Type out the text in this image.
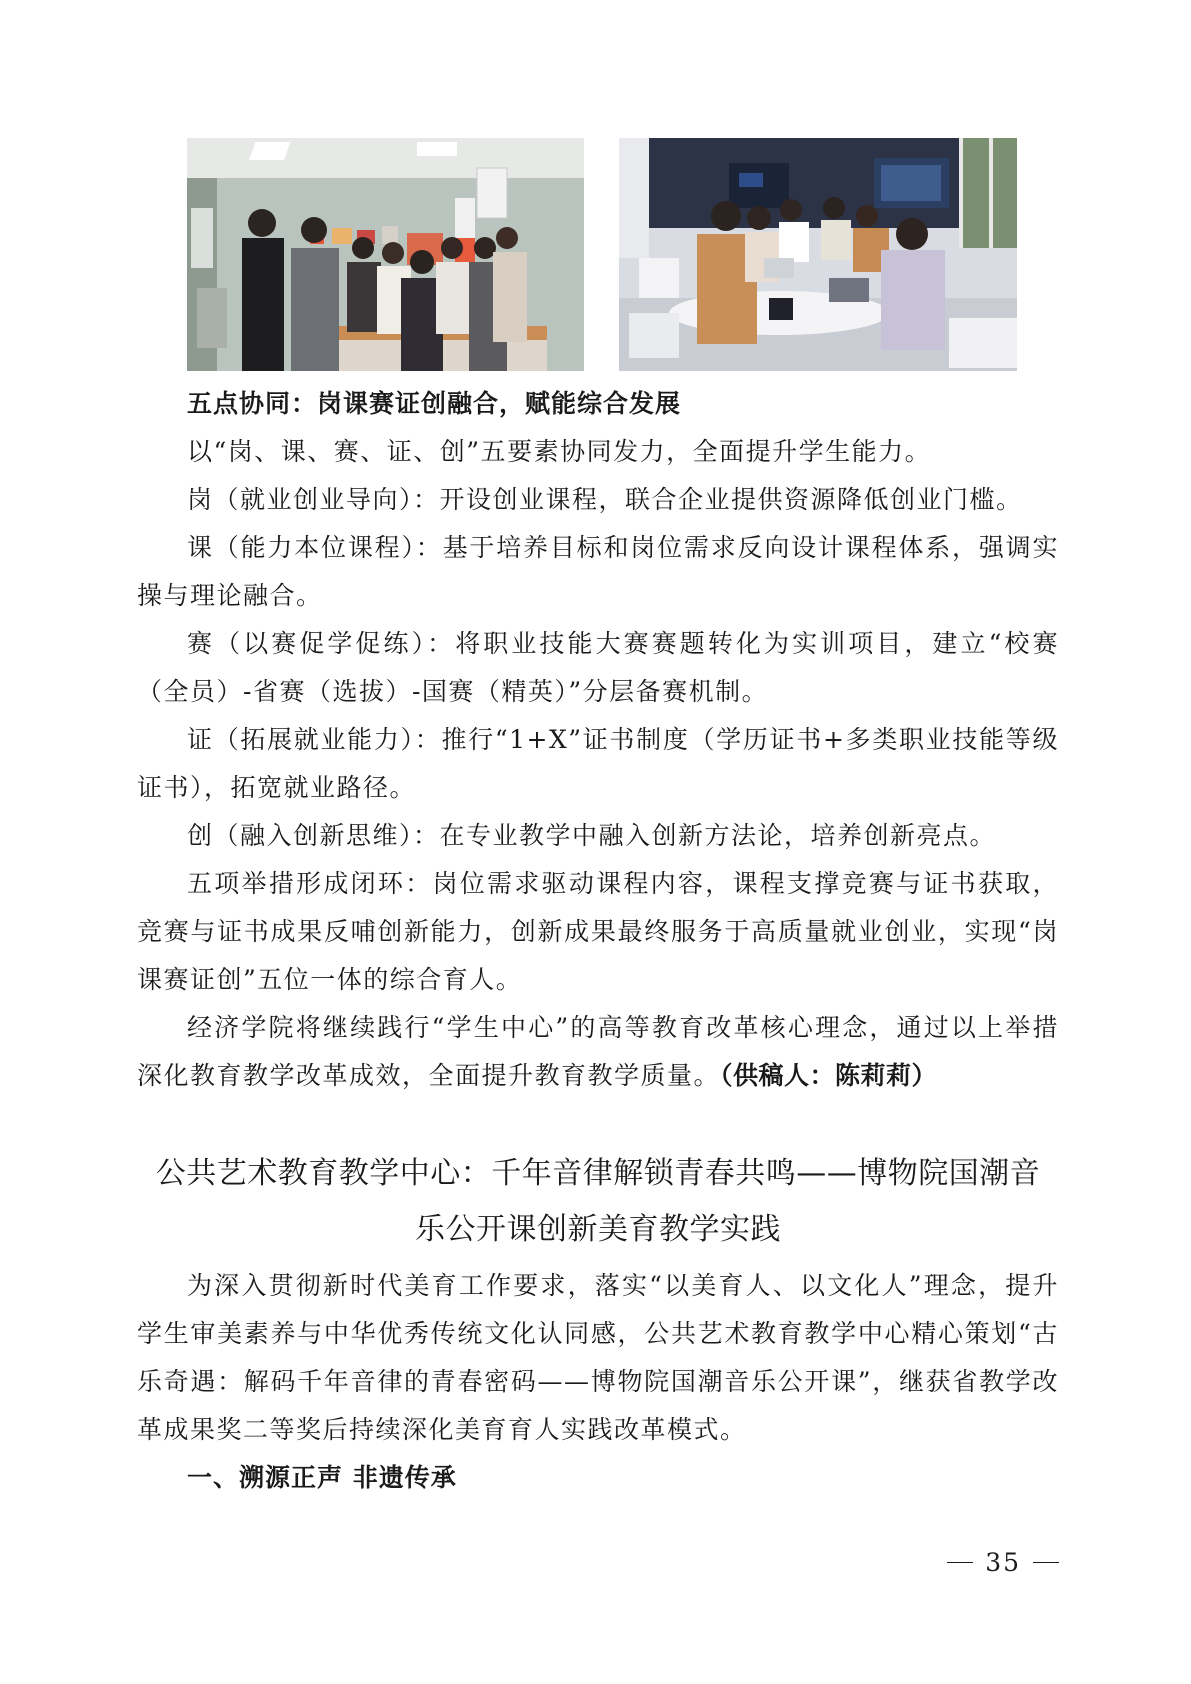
五点协同：岗课赛证创融合，赋能综合发展

以“岗、课、赛、证、创”五要素协同发力，全面提升学生能力。

岗（就业创业导向）：开设创业课程，联合企业提供资源降低创业门槛。

课（能力本位课程）：基于培养目标和岗位需求反向设计课程体系，强调实操与理论融合。

赛（以赛促学促练）：将职业技能大赛赛题转化为实训项目，建立“校赛（全员）-省赛（选拔）-国赛（精英）”分层备赛机制。

证（拓展就业能力）：推行“1+X”证书制度（学历证书+多类职业技能等级证书），拓宽就业路径。

创（融入创新思维）：在专业教学中融入创新方法论，培养创新亮点。

五项举措形成闭环：岗位需求驱动课程内容，课程支撑竞赛与证书获取，竞赛与证书成果反哺创新能力，创新成果最终服务于高质量就业创业，实现“岗课赛证创”五位一体的综合育人。

经济学院将继续践行“学生中心”的高等教育改革核心理念，通过以上举措深化教育教学改革成效，全面提升教育教学质量。（供稿人：陈莉莉）

公共艺术教育教学中心：千年音律解锁青春共鸣——博物院国潮音
乐公开课创新美育教学实践

为深入贯彻新时代美育工作要求，落实“以美育人、以文化人”理念，提升学生审美素养与中华优秀传统文化认同感，公共艺术教育教学中心精心策划“古乐奇遇：解码千年音律的青春密码——博物院国潮音乐公开课”，继获省教学改革成果奖二等奖后持续深化美育育人实践改革模式。

一、溯源正声 非遗传承

35
